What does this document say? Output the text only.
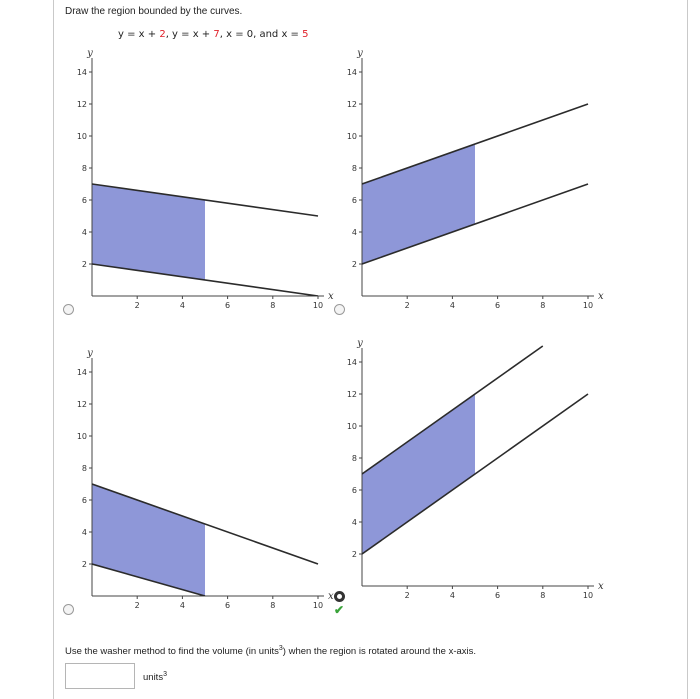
Draw the region bounded by the curves.
y = x + 2, y = x + 7, x = 0, and x = 5
y
x
2	4	6	8	10
2
4
6
8
10
12
14
y
x
2	4	6	8	10
2
4
6
8
10
12
14
y
x
2	4	6	8	10
2
4
6
8
10
12
14
y
x
2	4	6	8	10
2
4
6
8
10
12
14
✔
Use the washer method to find the volume (in units$^3$) when the region is rotated around the x-axis.
units$^3$
